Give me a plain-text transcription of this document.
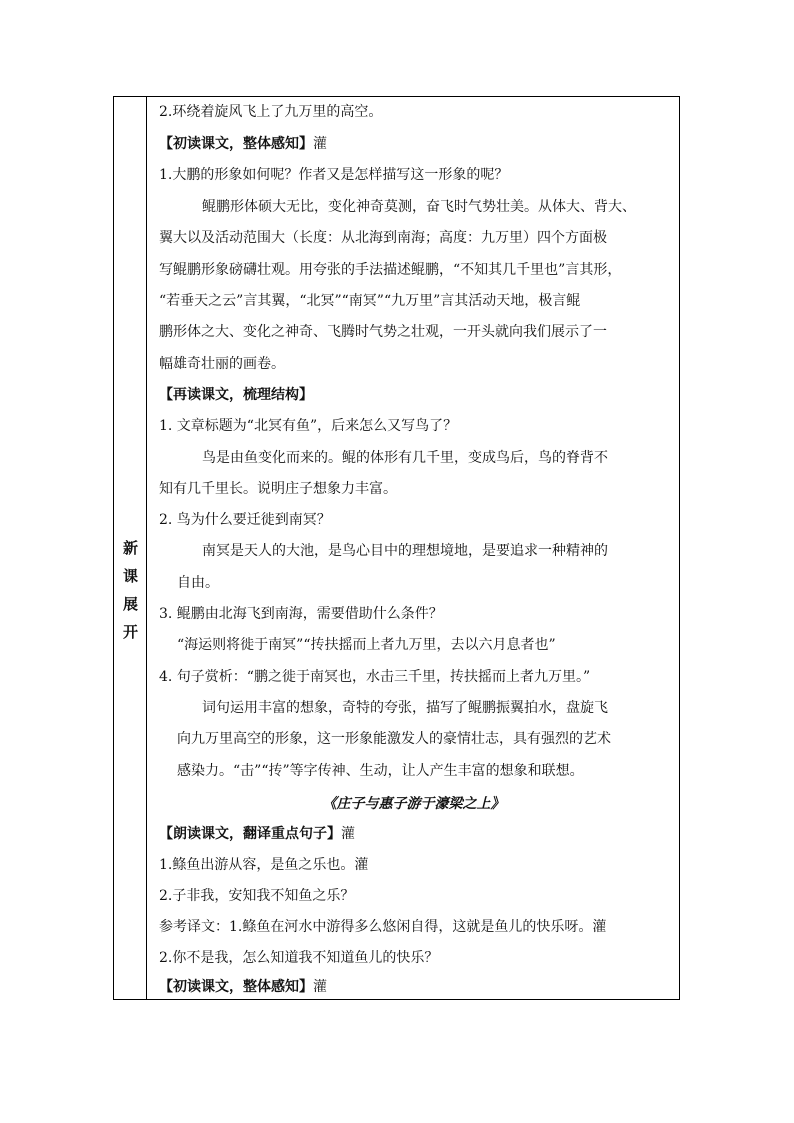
新
课
展
开
2.环绕着旋风飞上了九万里的高空。
【初读课文，整体感知】灌
1.大鹏的形象如何呢？作者又是怎样描写这一形象的呢？
鲲鹏形体硕大无比，变化神奇莫测，奋飞时气势壮美。从体大、背大、
翼大以及活动范围大（长度：从北海到南海；高度：九万里）四个方面极
写鲲鹏形象磅礴壮观。用夸张的手法描述鲲鹏，“不知其几千里也”言其形，
“若垂天之云”言其翼，“北冥”“南冥”“九万里”言其活动天地，极言鲲
鹏形体之大、变化之神奇、飞腾时气势之壮观，一开头就向我们展示了一
幅雄奇壮丽的画卷。
【再读课文，梳理结构】
1. 文章标题为“北冥有鱼”，后来怎么又写鸟了？
鸟是由鱼变化而来的。鲲的体形有几千里，变成鸟后，鸟的脊背不
知有几千里长。说明庄子想象力丰富。
2. 鸟为什么要迁徙到南冥？
南冥是天人的大池，是鸟心目中的理想境地，是要追求一种精神的
自由。
3. 鲲鹏由北海飞到南海，需要借助什么条件？
“海运则将徙于南冥”“抟扶摇而上者九万里，去以六月息者也”
4. 句子赏析：“鹏之徙于南冥也，水击三千里，抟扶摇而上者九万里。”
词句运用丰富的想象，奇特的夸张，描写了鲲鹏振翼拍水，盘旋飞
向九万里高空的形象，这一形象能激发人的豪情壮志，具有强烈的艺术
感染力。“击”“抟”等字传神、生动，让人产生丰富的想象和联想。
《庄子与惠子游于濠梁之上》
【朗读课文，翻译重点句子】灌
1.鲦鱼出游从容，是鱼之乐也。灌
2.子非我，安知我不知鱼之乐？
参考译文：1.鲦鱼在河水中游得多么悠闲自得，这就是鱼儿的快乐呀。灌
2.你不是我，怎么知道我不知道鱼儿的快乐？
【初读课文，整体感知】灌
